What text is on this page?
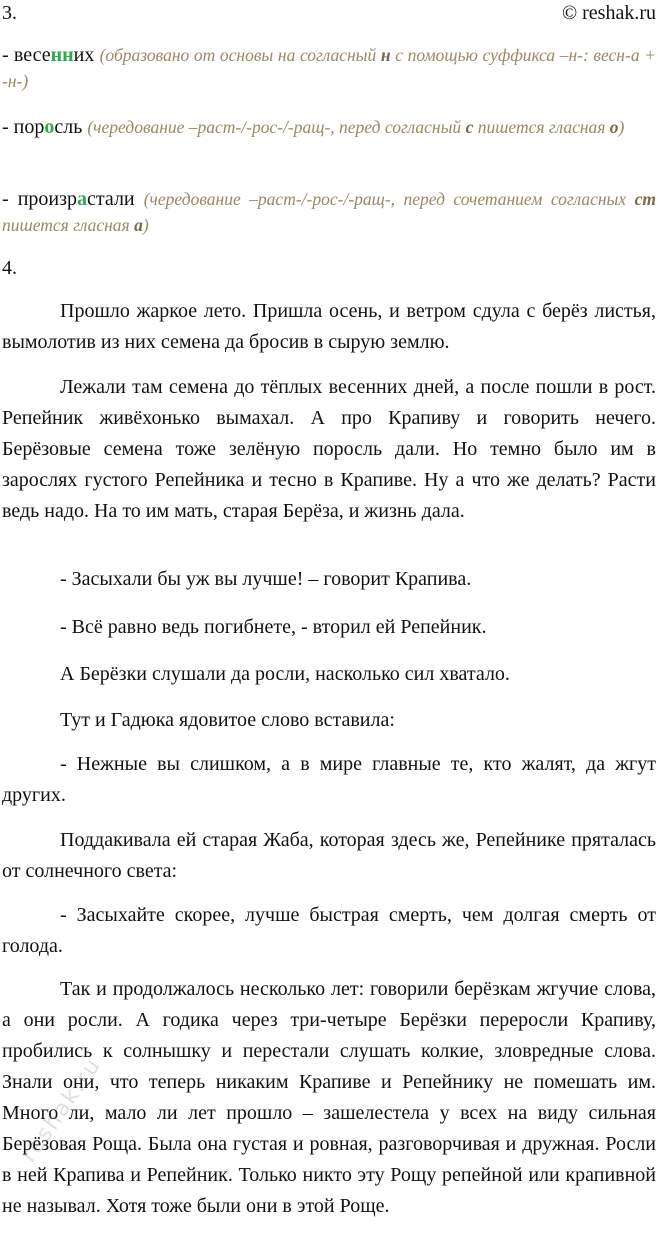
3.	© reshak.ru
- весенних (образовано от основы на согласный н с помощью суффикса –н-: весн-а + -н-)
- поросль (чередование –раст-/-рос-/-ращ-, перед согласный с пишется гласная о)
- произрастали (чередование –раст-/-рос-/-ращ-, перед сочетанием согласных ст пишется гласная а)
4.

Прошло жаркое лето. Пришла осень, и ветром сдула с берёз листья, вымолотив из них семена да бросив в сырую землю.

Лежали там семена до тёплых весенних дней, а после пошли в рост. Репейник живёхонько вымахал. А про Крапиву и говорить нечего. Берёзовые семена тоже зелёную поросль дали. Но темно было им в зарослях густого Репейника и тесно в Крапиве. Ну а что же делать? Расти ведь надо. На то им мать, старая Берёза, и жизнь дала.

- Засыхали бы уж вы лучше! – говорит Крапива.

- Всё равно ведь погибнете, - вторил ей Репейник.

А Берёзки слушали да росли, насколько сил хватало.

Тут и Гадюка ядовитое слово вставила:

- Нежные вы слишком, а в мире главные те, кто жалят, да жгут других.

Поддакивала ей старая Жаба, которая здесь же, Репейнике пряталась от солнечного света:

- Засыхайте скорее, лучше быстрая смерть, чем долгая смерть от голода.

Так и продолжалось несколько лет: говорили берёзкам жгучие слова, а они росли. А годика через три-четыре Берёзки переросли Крапиву, пробились к солнышку и перестали слушать колкие, зловредные слова. Знали они, что теперь никаким Крапиве и Репейнику не помешать им. Много ли, мало ли лет прошло – зашелестела у всех на виду сильная Берёзовая Роща. Была она густая и ровная, разговорчивая и дружная. Росли в ней Крапива и Репейник. Только никто эту Рощу репейной или крапивной не называл. Хотя тоже были они в этой Роще.

reshak.ru
